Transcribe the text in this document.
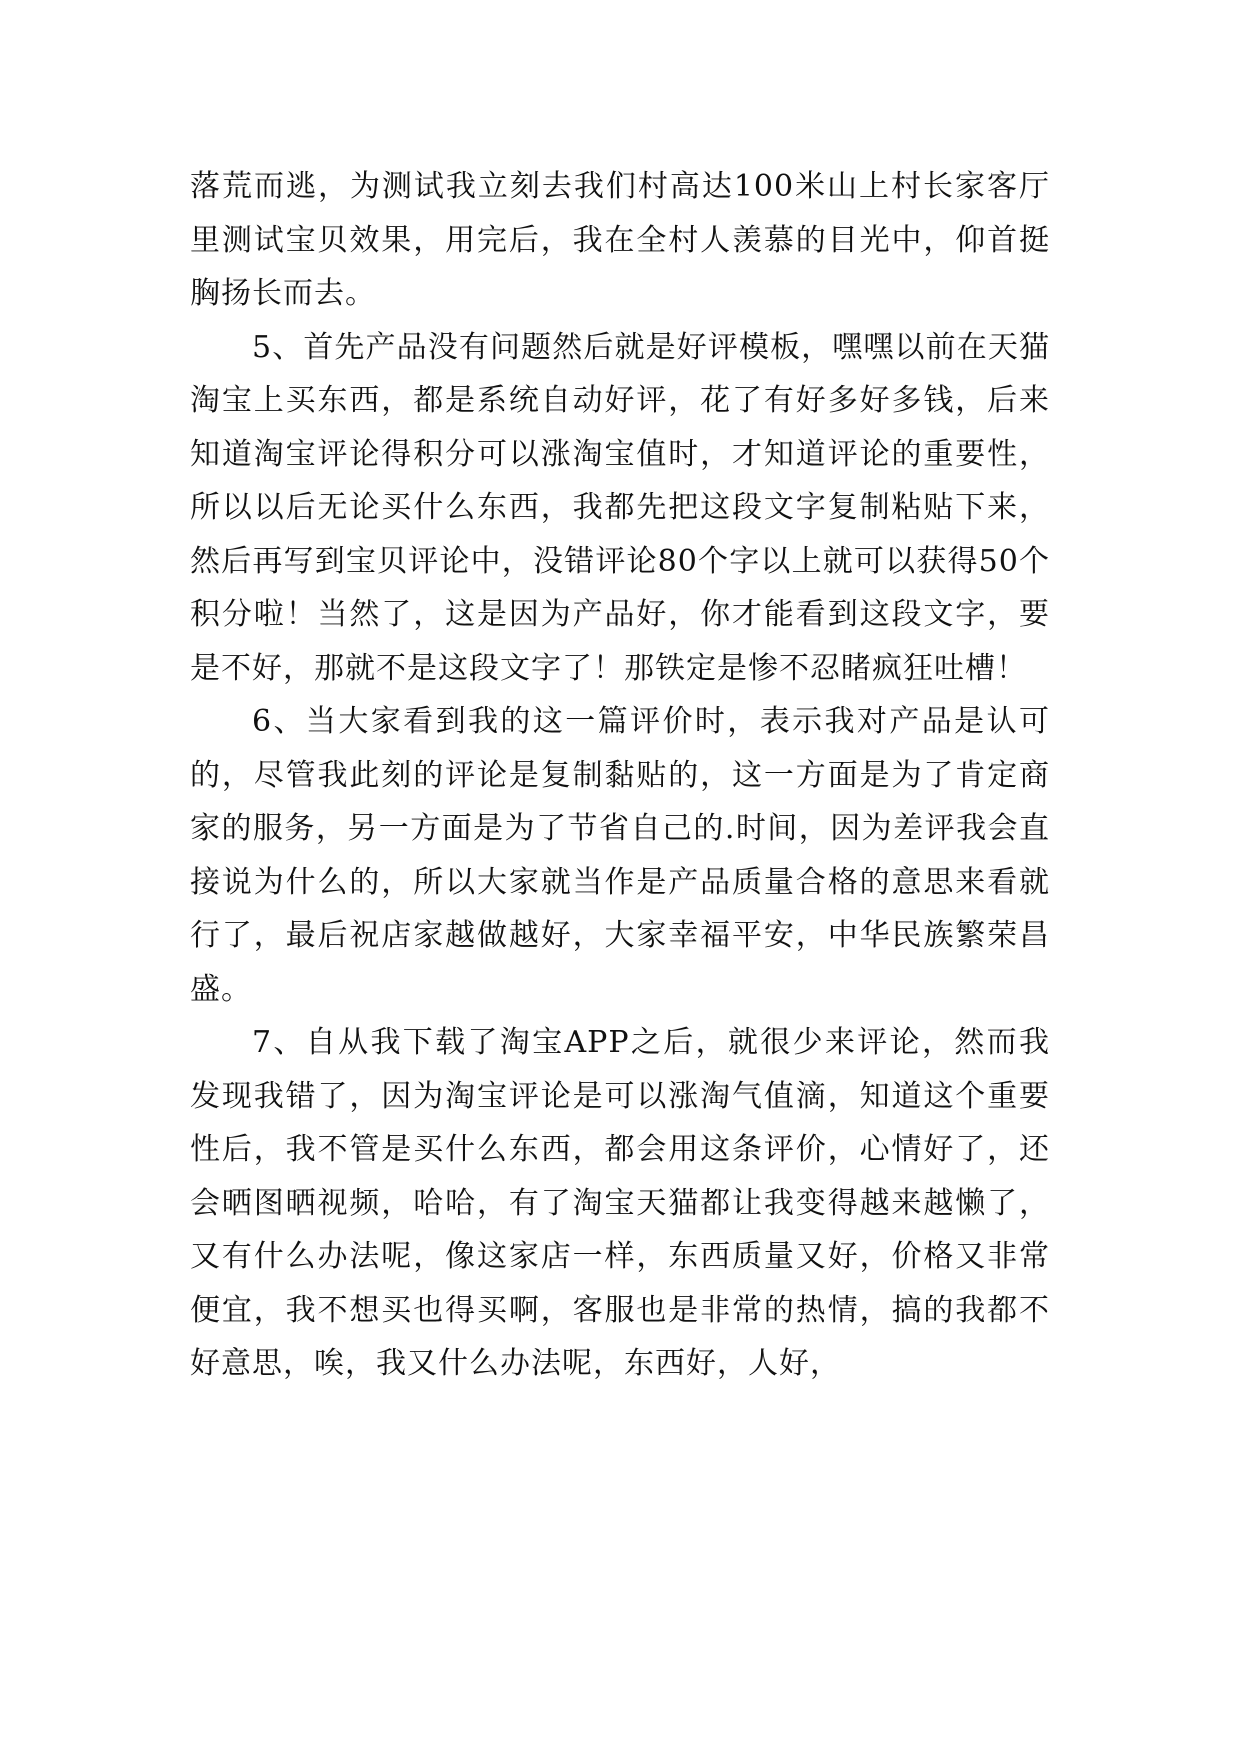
落荒而逃，为测试我立刻去我们村高达100米山上村长家客厅里测试宝贝效果，用完后，我在全村人羡慕的目光中，仰首挺胸扬长而去。

5、首先产品没有问题然后就是好评模板，嘿嘿以前在天猫淘宝上买东西，都是系统自动好评，花了有好多好多钱，后来知道淘宝评论得积分可以涨淘宝值时，才知道评论的重要性，所以以后无论买什么东西，我都先把这段文字复制粘贴下来，然后再写到宝贝评论中，没错评论80个字以上就可以获得50个积分啦！当然了，这是因为产品好，你才能看到这段文字，要是不好，那就不是这段文字了！那铁定是惨不忍睹疯狂吐槽！

6、当大家看到我的这一篇评价时，表示我对产品是认可的，尽管我此刻的评论是复制黏贴的，这一方面是为了肯定商家的服务，另一方面是为了节省自己的.时间，因为差评我会直接说为什么的，所以大家就当作是产品质量合格的意思来看就行了，最后祝店家越做越好，大家幸福平安，中华民族繁荣昌盛。

7、自从我下载了淘宝APP之后，就很少来评论，然而我发现我错了，因为淘宝评论是可以涨淘气值滴，知道这个重要性后，我不管是买什么东西，都会用这条评价，心情好了，还会晒图晒视频，哈哈，有了淘宝天猫都让我变得越来越懒了，又有什么办法呢，像这家店一样，东西质量又好，价格又非常便宜，我不想买也得买啊，客服也是非常的热情，搞的我都不好意思，唉，我又什么办法呢，东西好，人好，
